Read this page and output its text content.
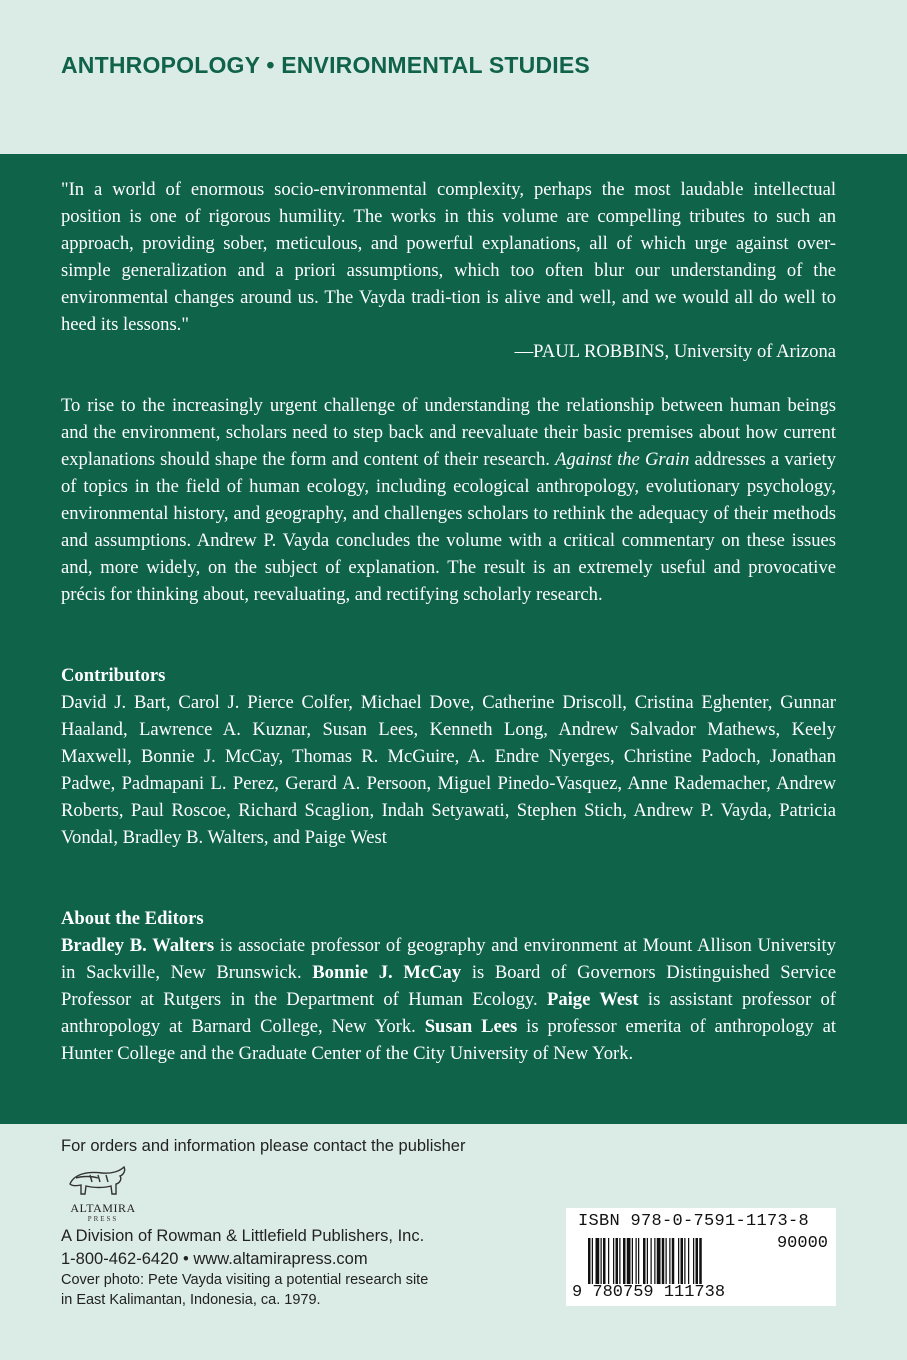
ANTHROPOLOGY • ENVIRONMENTAL STUDIES
"In a world of enormous socio-environmental complexity, perhaps the most laudable intellectual position is one of rigorous humility. The works in this volume are compelling tributes to such an approach, providing sober, meticulous, and powerful explanations, all of which urge against over-simple generalization and a priori assumptions, which too often blur our understanding of the environmental changes around us. The Vayda tradi-tion is alive and well, and we would all do well to heed its lessons."
—PAUL ROBBINS, University of Arizona
To rise to the increasingly urgent challenge of understanding the relationship between human beings and the environment, scholars need to step back and reevaluate their basic premises about how current explanations should shape the form and content of their research. Against the Grain addresses a variety of topics in the field of human ecology, including ecological anthropology, evolutionary psychology, environmental history, and geography, and challenges scholars to rethink the adequacy of their methods and assumptions. Andrew P. Vayda concludes the volume with a critical commentary on these issues and, more widely, on the subject of explanation. The result is an extremely useful and provocative précis for thinking about, reevaluating, and rectifying scholarly research.
Contributors
David J. Bart, Carol J. Pierce Colfer, Michael Dove, Catherine Driscoll, Cristina Eghenter, Gunnar Haaland, Lawrence A. Kuznar, Susan Lees, Kenneth Long, Andrew Salvador Mathews, Keely Maxwell, Bonnie J. McCay, Thomas R. McGuire, A. Endre Nyerges, Christine Padoch, Jonathan Padwe, Padmapani L. Perez, Gerard A. Persoon, Miguel Pinedo-Vasquez, Anne Rademacher, Andrew Roberts, Paul Roscoe, Richard Scaglion, Indah Setyawati, Stephen Stich, Andrew P. Vayda, Patricia Vondal, Bradley B. Walters, and Paige West
About the Editors
Bradley B. Walters is associate professor of geography and environment at Mount Allison University in Sackville, New Brunswick. Bonnie J. McCay is Board of Governors Distinguished Service Professor at Rutgers in the Department of Human Ecology. Paige West is assistant professor of anthropology at Barnard College, New York. Susan Lees is professor emerita of anthropology at Hunter College and the Graduate Center of the City University of New York.
For orders and information please contact the publisher
ALTAMIRA
PRESS
A Division of Rowman & Littlefield Publishers, Inc.
1-800-462-6420 • www.altamirapress.com
Cover photo: Pete Vayda visiting a potential research site
in East Kalimantan, Indonesia, ca. 1979.
ISBN 978-0-7591-1173-8
90000
9 780759 111738
